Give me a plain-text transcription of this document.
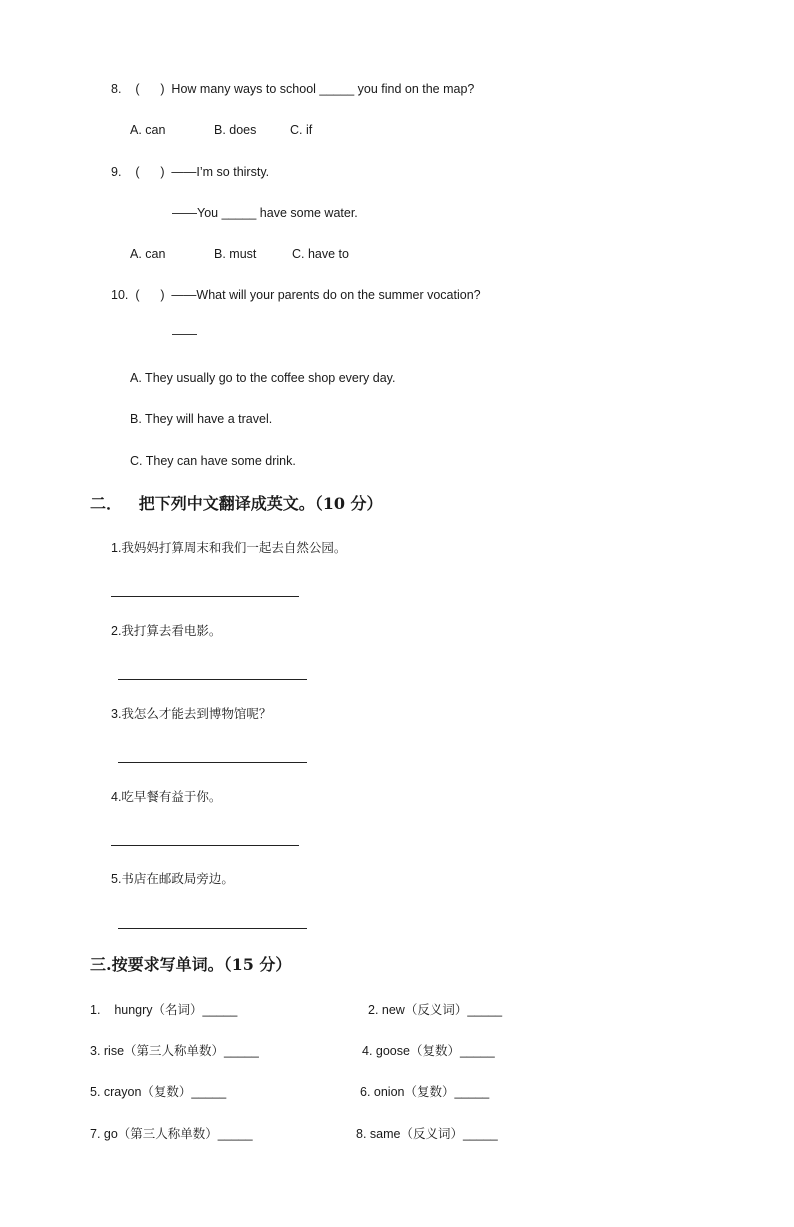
8.    (      )  How many ways to school _____ you find on the map?
A. can	B. does	C. if
9.    (      )  ——I’m so thirsty.
——You _____ have some water.
A. can	B. must	C. have to
10.  (      )  ——What will your parents do on the summer vocation?
——
A. They usually go to the coffee shop every day.
B. They will have a travel.
C. They can have some drink.
二．   把下列中文翻译成英文。（10 分）
1.我妈妈打算周末和我们一起去自然公园。
2.我打算去看电影。
3.我怎么才能去到博物馆呢？
4.吃早餐有益于你。
5.书店在邮政局旁边。
三.按要求写单词。（15 分）
1.    hungry（名词）_____	2. new（反义词）_____
3. rise（第三人称单数）_____	4. goose（复数）_____
5. crayon（复数）_____	6. onion（复数）_____
7. go（第三人称单数）_____	8. same（反义词）_____
